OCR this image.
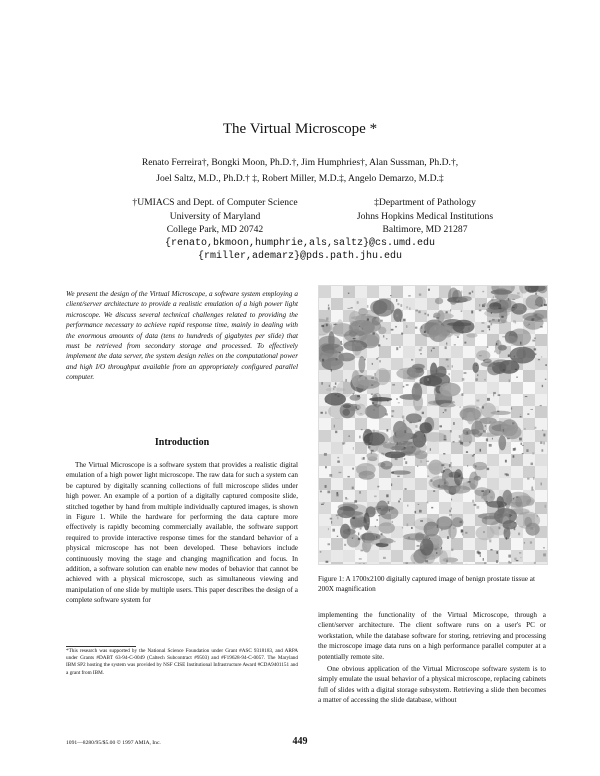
The Virtual Microscope *
Renato Ferreira†, Bongki Moon, Ph.D.†, Jim Humphries†, Alan Sussman, Ph.D.†,
Joel Saltz, M.D., Ph.D.† ‡, Robert Miller, M.D.‡, Angelo Demarzo, M.D.‡
†UMIACS and Dept. of Computer Science
University of Maryland
College Park, MD 20742
‡Department of Pathology
Johns Hopkins Medical Institutions
Baltimore, MD 21287
{renato,bkmoon,humphrie,als,saltz}@cs.umd.edu
{rmiller,ademarz}@pds.path.jhu.edu
We present the design of the Virtual Microscope, a software system employing a client/server architecture to provide a realistic emulation of a high power light microscope. We discuss several technical challenges related to providing the performance necessary to achieve rapid response time, mainly in dealing with the enormous amounts of data (tens to hundreds of gigabytes per slide) that must be retrieved from secondary storage and processed. To effectively implement the data server, the system design relies on the computational power and high I/O throughput available from an appropriately configured parallel computer.
Introduction

The Virtual Microscope is a software system that provides a realistic digital emulation of a high power light microscope. The raw data for such a system can be captured by digitally scanning collections of full microscope slides under high power. An example of a portion of a digitally captured composite slide, stitched together by hand from multiple individually captured images, is shown in Figure 1. While the hardware for performing the data capture more effectively is rapidly becoming commercially available, the software support required to provide interactive response times for the standard behavior of a physical microscope has not been developed. These behaviors include continuously moving the stage and changing magnification and focus. In addition, a software solution can enable new modes of behavior that cannot be achieved with a physical microscope, such as simultaneous viewing and manipulation of one slide by multiple users. This paper describes the design of a complete software system for

*This research was supported by the National Science Foundation under Grant #ASC 9318183, and ARPA under Grants #DABT 63-94-C-0049 (Caltech Subcontract #9503) and #F19628-94-C-0057. The Maryland IBM SP2 hosting the system was provided by NSF CISE Institutional Infrastructure Award #CDA9401151 and a grant from IBM.
Figure 1: A 1700x2100 digitally captured image of benign prostate tissue at 200X magnification

implementing the functionality of the Virtual Microscope, through a client/server architecture. The client software runs on a user's PC or workstation, while the database software for storing, retrieving and processing the microscope image data runs on a high performance parallel computer at a potentially remote site.

One obvious application of the Virtual Microscope software system is to simply emulate the usual behavior of a physical microscope, replacing cabinets full of slides with a digital storage subsystem. Retrieving a slide then becomes a matter of accessing the slide database, without

1091—8280/95/$5.00 © 1997 AMIA, Inc.	449
